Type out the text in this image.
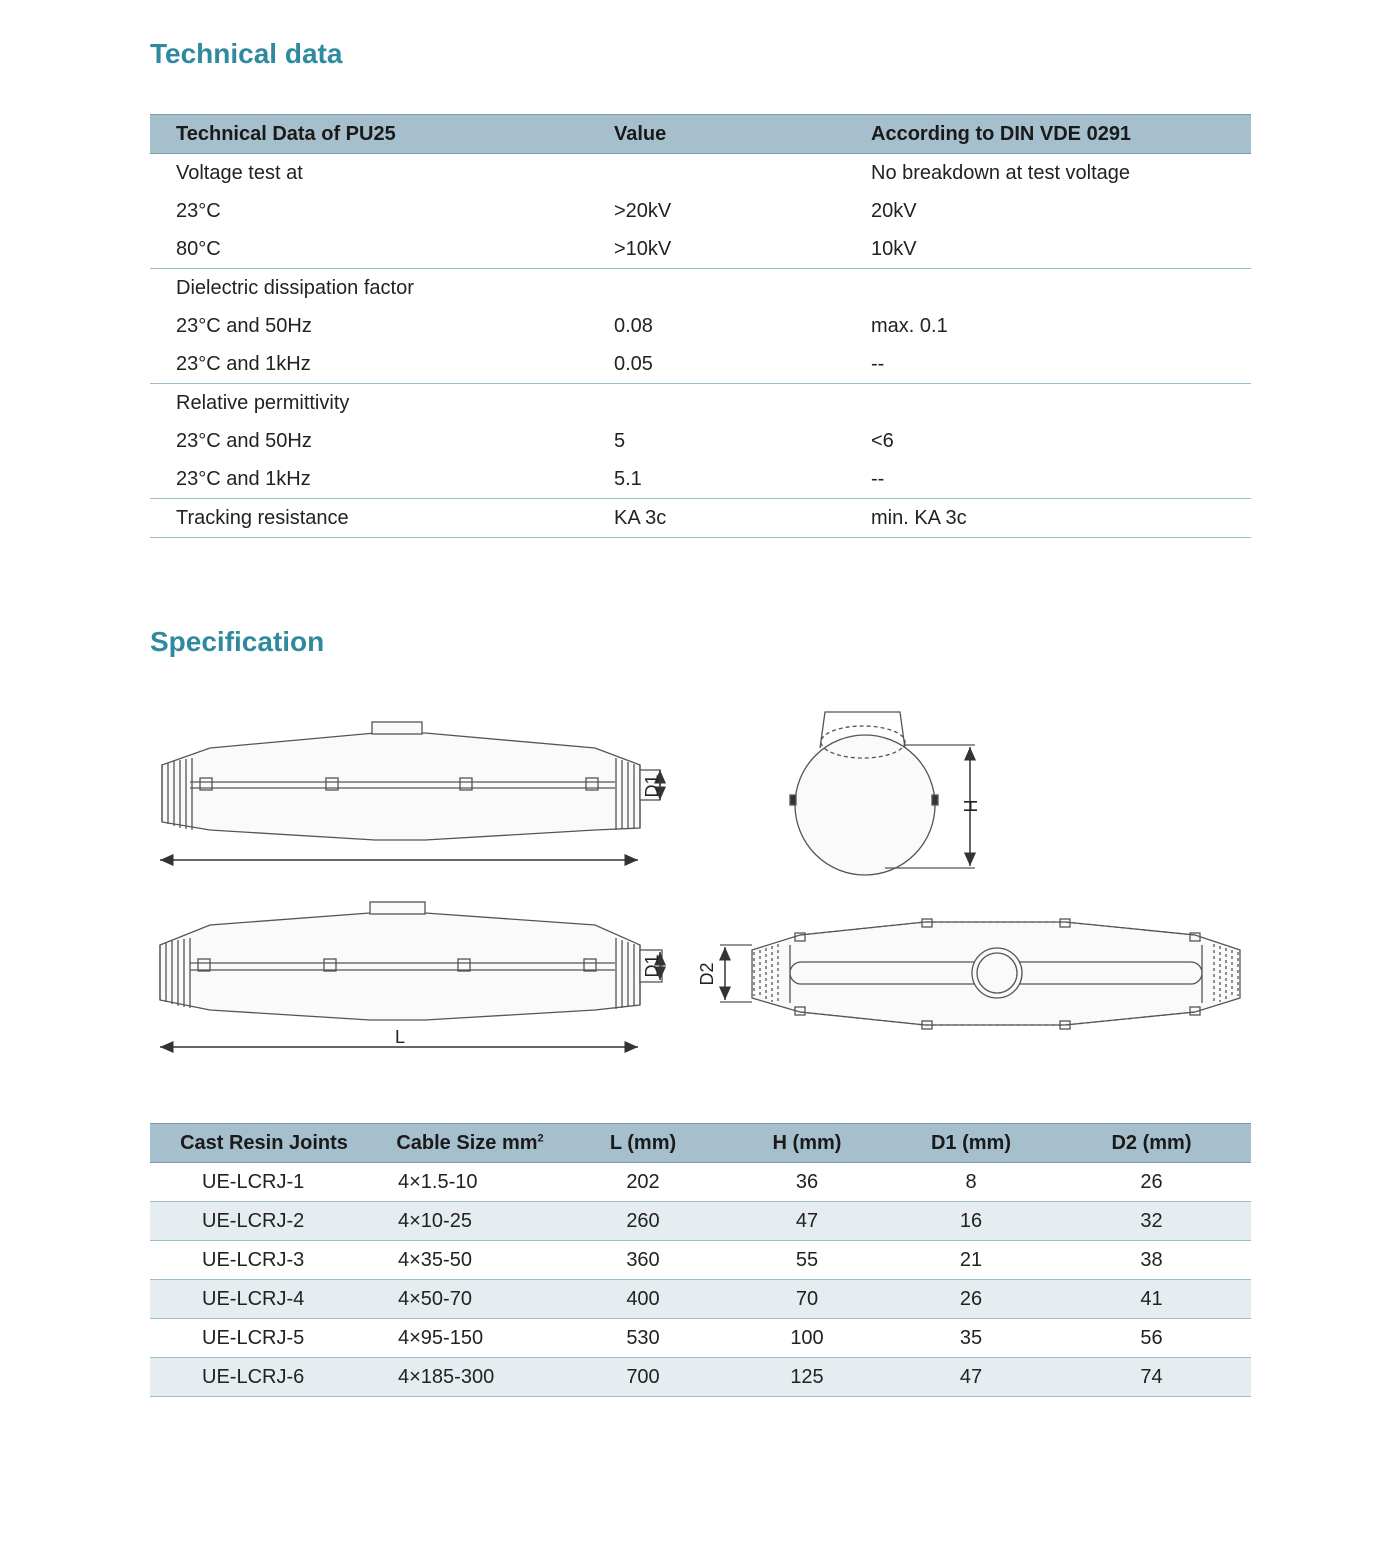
Technical data
Technical Data of PU25	Value	According to DIN VDE 0291
Voltage test at		No breakdown at test voltage
23°C	>20kV	20kV
80°C	>10kV	10kV
Dielectric dissipation factor		
23°C and 50Hz	0.08	max. 0.1
23°C and 1kHz	0.05	--
Relative permittivity		
23°C and 50Hz	5	<6
23°C and 1kHz	5.1	--
Tracking resistance	KA 3c	min. KA 3c
Specification
D1
H
D1
L
D2
Cast Resin Joints	Cable Size $mm^2$	L (mm)	H (mm)	D1 (mm)	D2 (mm)
UE-LCRJ-1	4×1.5-10	202	36	8	26
UE-LCRJ-2	4×10-25	260	47	16	32
UE-LCRJ-3	4×35-50	360	55	21	38
UE-LCRJ-4	4×50-70	400	70	26	41
UE-LCRJ-5	4×95-150	530	100	35	56
UE-LCRJ-6	4×185-300	700	125	47	74
